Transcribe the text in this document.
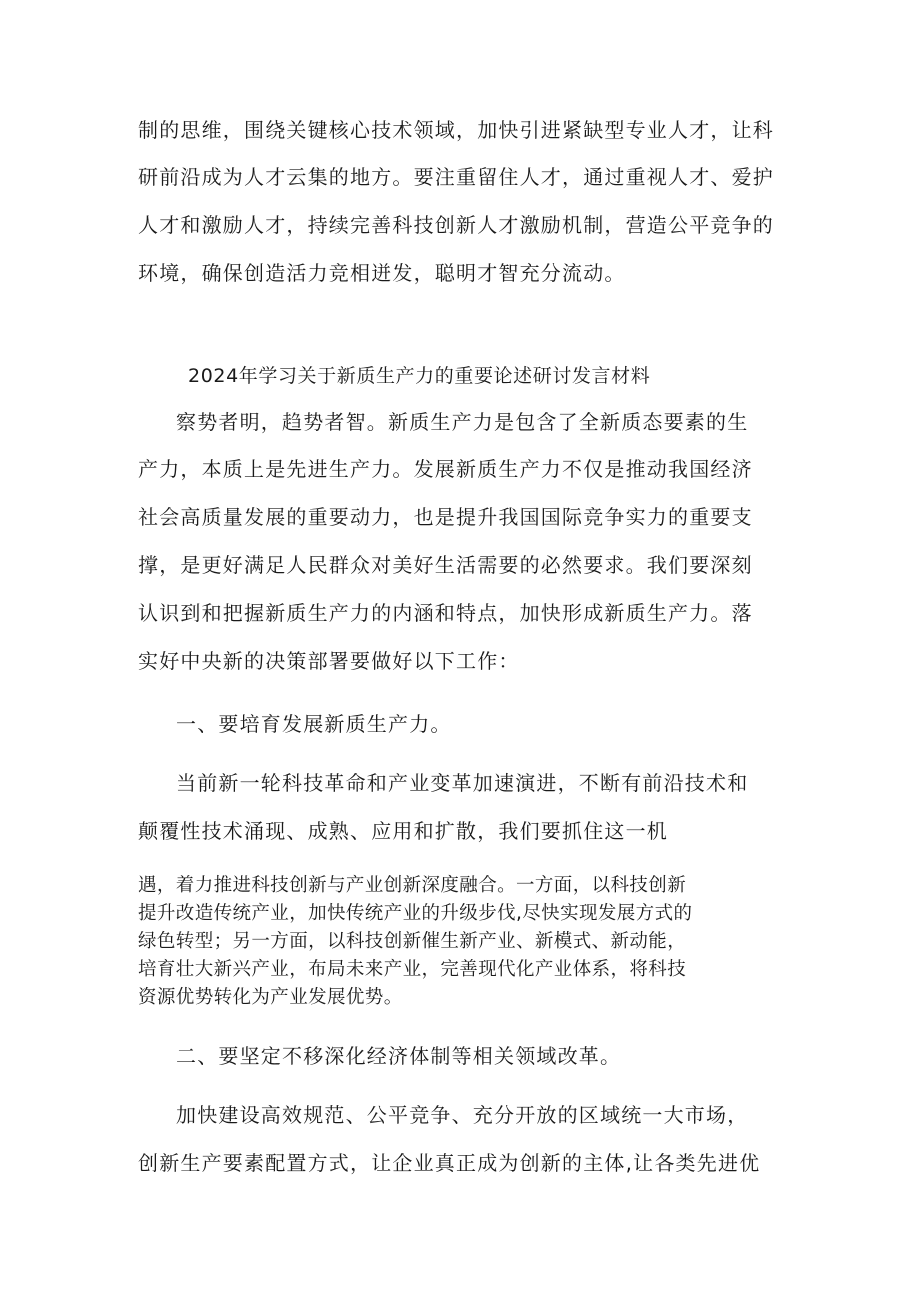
制的思维，围绕关键核心技术领域，加快引进紧缺型专业人才，让科
研前沿成为人才云集的地方。要注重留住人才，通过重视人才、爱护
人才和激励人才，持续完善科技创新人才激励机制，营造公平竞争的
环境，确保创造活力竞相迸发，聪明才智充分流动。
2024年学习关于新质生产力的重要论述研讨发言材料
察势者明，趋势者智。新质生产力是包含了全新质态要素的生
产力，本质上是先进生产力。发展新质生产力不仅是推动我国经济
社会高质量发展的重要动力，也是提升我国国际竞争实力的重要支
撑，是更好满足人民群众对美好生活需要的必然要求。我们要深刻
认识到和把握新质生产力的内涵和特点，加快形成新质生产力。落
实好中央新的决策部署要做好以下工作：
一、要培育发展新质生产力。
当前新一轮科技革命和产业变革加速演进，不断有前沿技术和
颠覆性技术涌现、成熟、应用和扩散，我们要抓住这一机
遇，着力推进科技创新与产业创新深度融合。一方面，以科技创新
提升改造传统产业，加快传统产业的升级步伐,尽快实现发展方式的
绿色转型；另一方面，以科技创新催生新产业、新模式、新动能，
培育壮大新兴产业，布局未来产业，完善现代化产业体系，将科技
资源优势转化为产业发展优势。
二、要坚定不移深化经济体制等相关领域改革。
加快建设高效规范、公平竞争、充分开放的区域统一大市场，
创新生产要素配置方式，让企业真正成为创新的主体,让各类先进优
